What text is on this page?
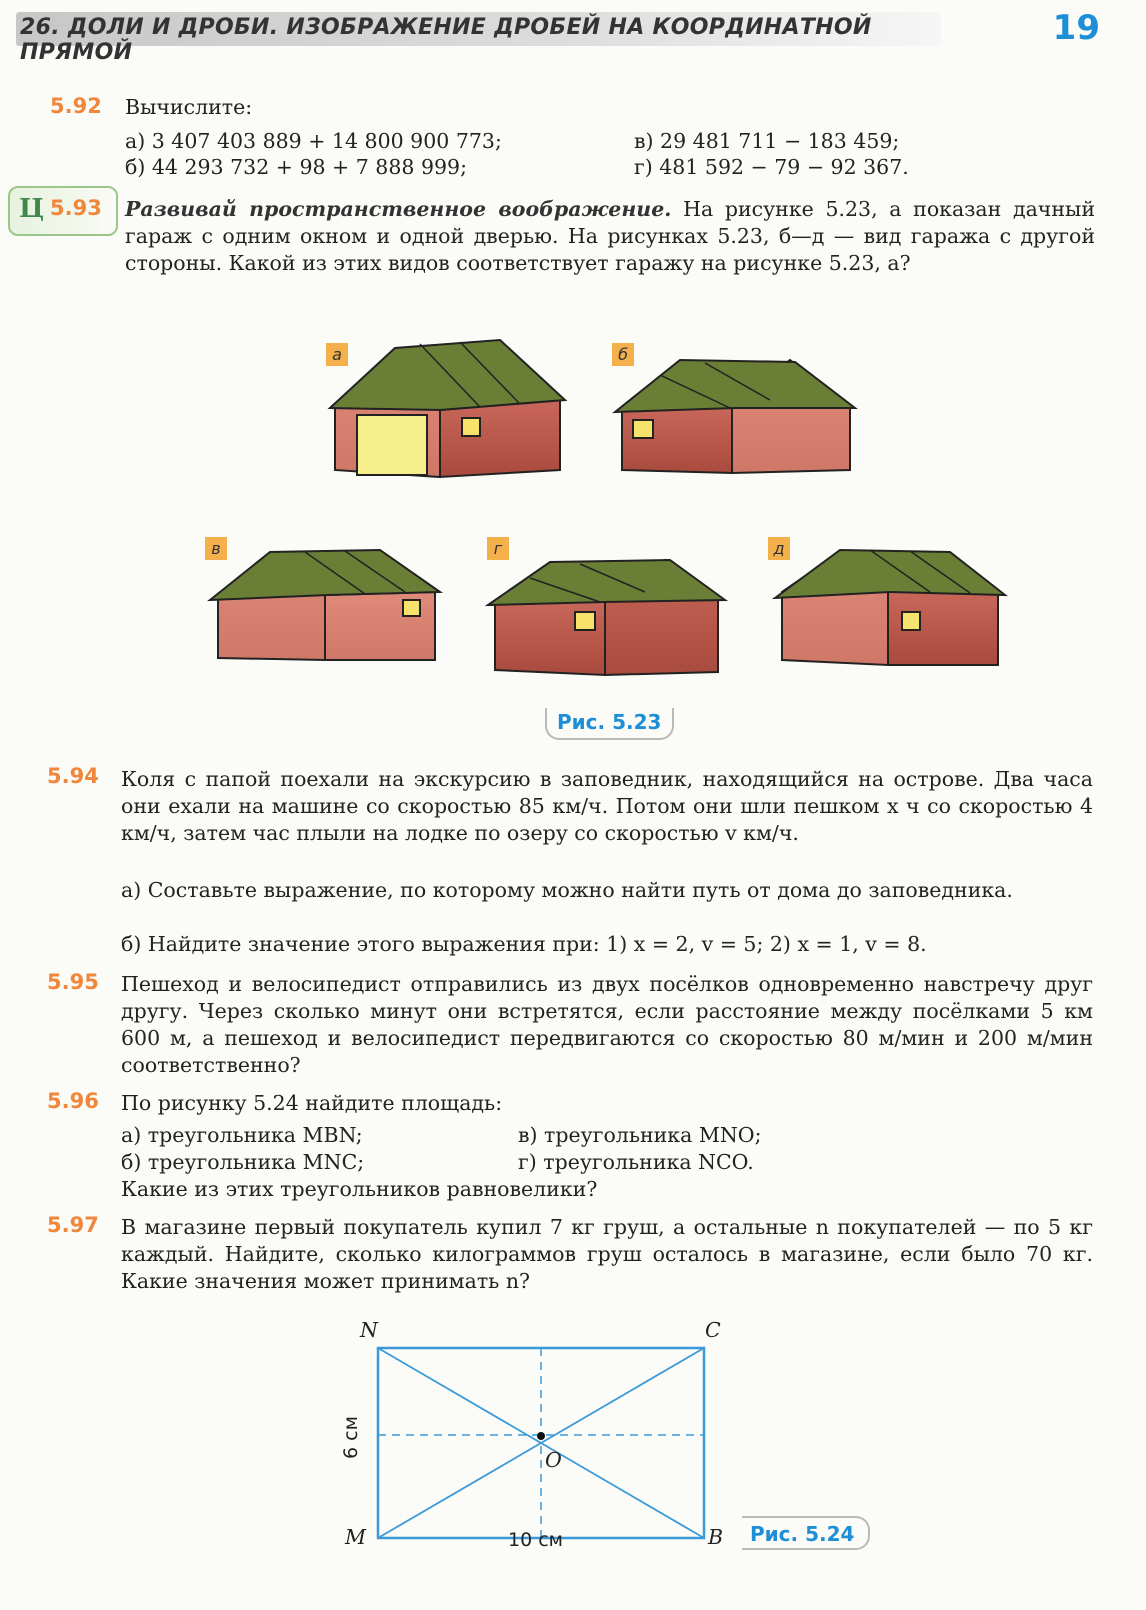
26. ДОЛИ И ДРОБИ. ИЗОБРАЖЕНИЕ ДРОБЕЙ НА КООРДИНАТНОЙ ПРЯМОЙ
19
5.92 Вычислите:
а) 3 407 403 889 + 14 800 900 773;
б) 44 293 732 + 98 + 7 888 999;
в) 29 481 711 − 183 459;
г) 481 592 − 79 − 92 367.
Ц 5.93 Развивай пространственное воображение. На рисунке 5.23, а показан дачный гараж с одним окном и одной дверью. На рисунках 5.23, б—д — вид гаража с другой стороны. Какой из этих видов соответствует гаражу на рисунке 5.23, а?
а	б
в	г	д
Рис. 5.23
5.94 Коля с папой поехали на экскурсию в заповедник, находящийся на острове. Два часа они ехали на машине со скоростью 85 км/ч. Потом они шли пешком x ч со скоростью 4 км/ч, затем час плыли на лодке по озеру со скоростью v км/ч.
а) Составьте выражение, по которому можно найти путь от дома до заповедника.
б) Найдите значение этого выражения при: 1) x = 2, v = 5; 2) x = 1, v = 8.
5.95 Пешеход и велосипедист отправились из двух посёлков одновременно навстречу друг другу. Через сколько минут они встретятся, если расстояние между посёлками 5 км 600 м, а пешеход и велосипедист передвигаются со скоростью 80 м/мин и 200 м/мин соответственно?
5.96 По рисунку 5.24 найдите площадь:
а) треугольника MBN;
б) треугольника MNC;
в) треугольника MNO;
г) треугольника NCO.
Какие из этих треугольников равновелики?
5.97 В магазине первый покупатель купил 7 кг груш, а остальные n покупателей — по 5 кг каждый. Найдите, сколько килограммов груш осталось в магазине, если было 70 кг. Какие значения может принимать n?
N	C
M	B
O
10 см
6 см
Рис. 5.24
